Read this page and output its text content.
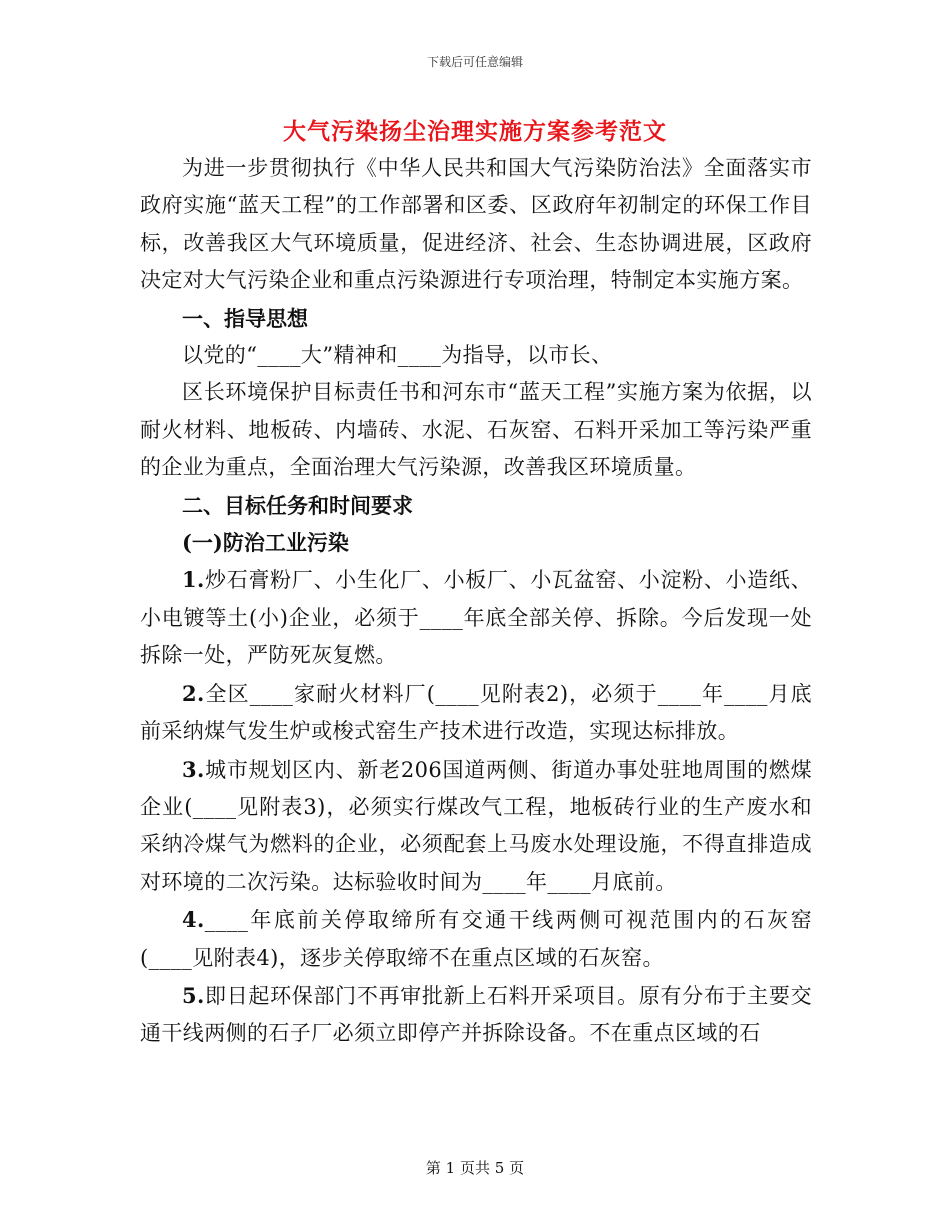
下载后可任意编辑
大气污染扬尘治理实施方案参考范文

为进一步贯彻执行《中华人民共和国大气污染防治法》全面落实市政府实施“蓝天工程”的工作部署和区委、区政府年初制定的环保工作目标，改善我区大气环境质量，促进经济、社会、生态协调进展，区政府决定对大气污染企业和重点污染源进行专项治理，特制定本实施方案。

一、指导思想

以党的“____大”精神和____为指导，以市长、

区长环境保护目标责任书和河东市“蓝天工程”实施方案为依据，以耐火材料、地板砖、内墙砖、水泥、石灰窑、石料开采加工等污染严重的企业为重点，全面治理大气污染源，改善我区环境质量。

二、目标任务和时间要求

(一)防治工业污染

1.炒石膏粉厂、小生化厂、小板厂、小瓦盆窑、小淀粉、小造纸、小电镀等土(小)企业，必须于____年底全部关停、拆除。今后发现一处拆除一处，严防死灰复燃。

2.全区____家耐火材料厂(____见附表2)，必须于____年____月底前采纳煤气发生炉或梭式窑生产技术进行改造，实现达标排放。

3.城市规划区内、新老206国道两侧、街道办事处驻地周围的燃煤企业(____见附表3)，必须实行煤改气工程，地板砖行业的生产废水和采纳冷煤气为燃料的企业，必须配套上马废水处理设施，不得直排造成对环境的二次污染。达标验收时间为____年____月底前。

4.____年底前关停取缔所有交通干线两侧可视范围内的石灰窑(____见附表4)，逐步关停取缔不在重点区域的石灰窑。

5.即日起环保部门不再审批新上石料开采项目。原有分布于主要交通干线两侧的石子厂必须立即停产并拆除设备。不在重点区域的石

第 1 页共 5 页
